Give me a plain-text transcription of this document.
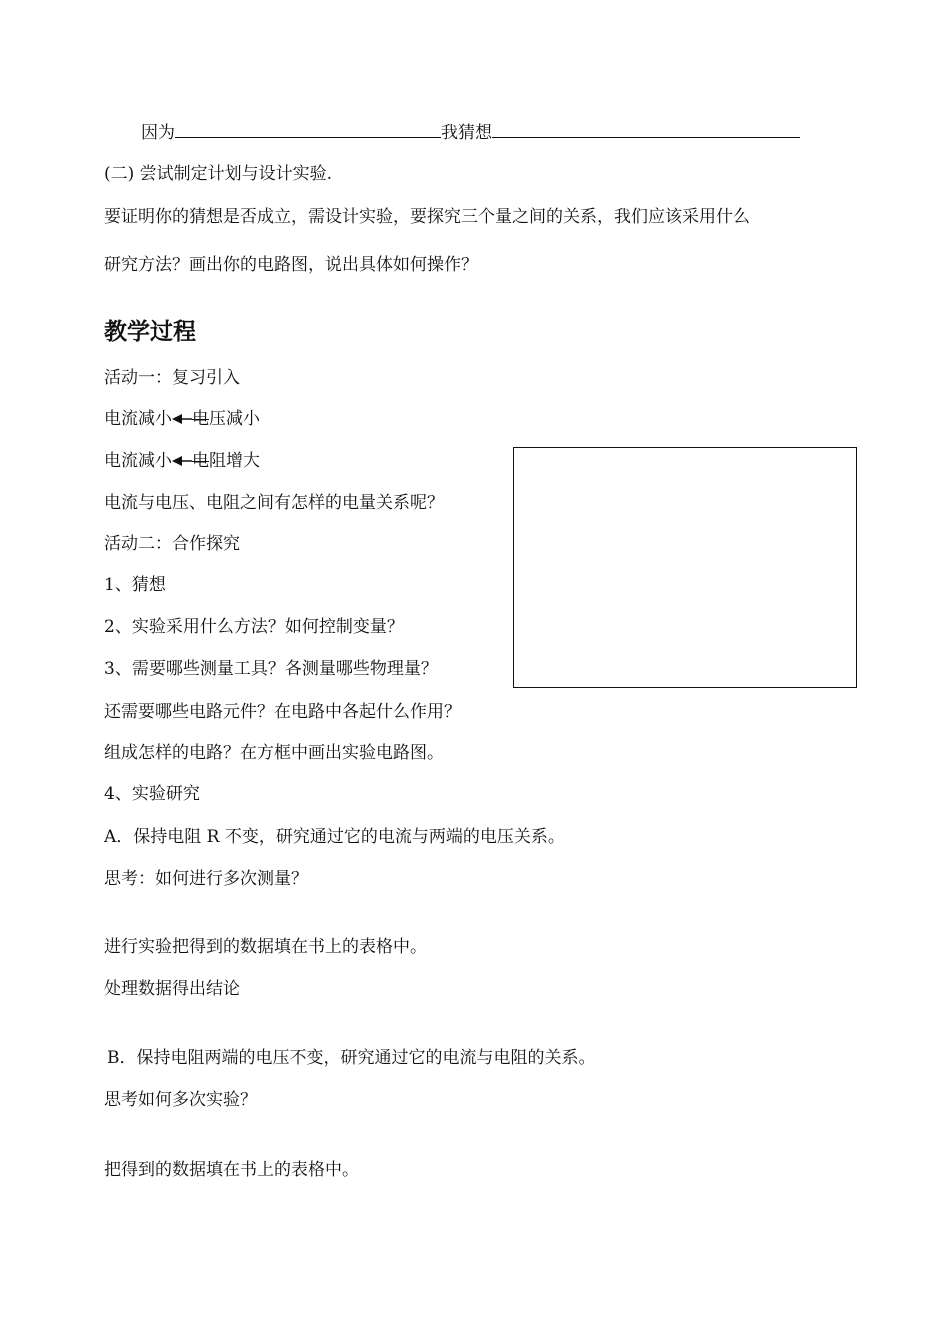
因为	我猜想
(二) 尝试制定计划与设计实验.
要证明你的猜想是否成立，需设计实验，要探究三个量之间的关系，我们应该采用什么
研究方法？画出你的电路图，说出具体如何操作？
教学过程
活动一：复习引入
电流减小 电压减小
电流减小 电阻增大
电流与电压、电阻之间有怎样的电量关系呢？
活动二：合作探究
1、猜想
2、实验采用什么方法？如何控制变量？
3、需要哪些测量工具？各测量哪些物理量？
还需要哪些电路元件？在电路中各起什么作用？
组成怎样的电路？在方框中画出实验电路图。
4、实验研究
A．保持电阻 R 不变，研究通过它的电流与两端的电压关系。
思考：如何进行多次测量？
进行实验把得到的数据填在书上的表格中。
处理数据得出结论
B．保持电阻两端的电压不变，研究通过它的电流与电阻的关系。
思考如何多次实验？
把得到的数据填在书上的表格中。
